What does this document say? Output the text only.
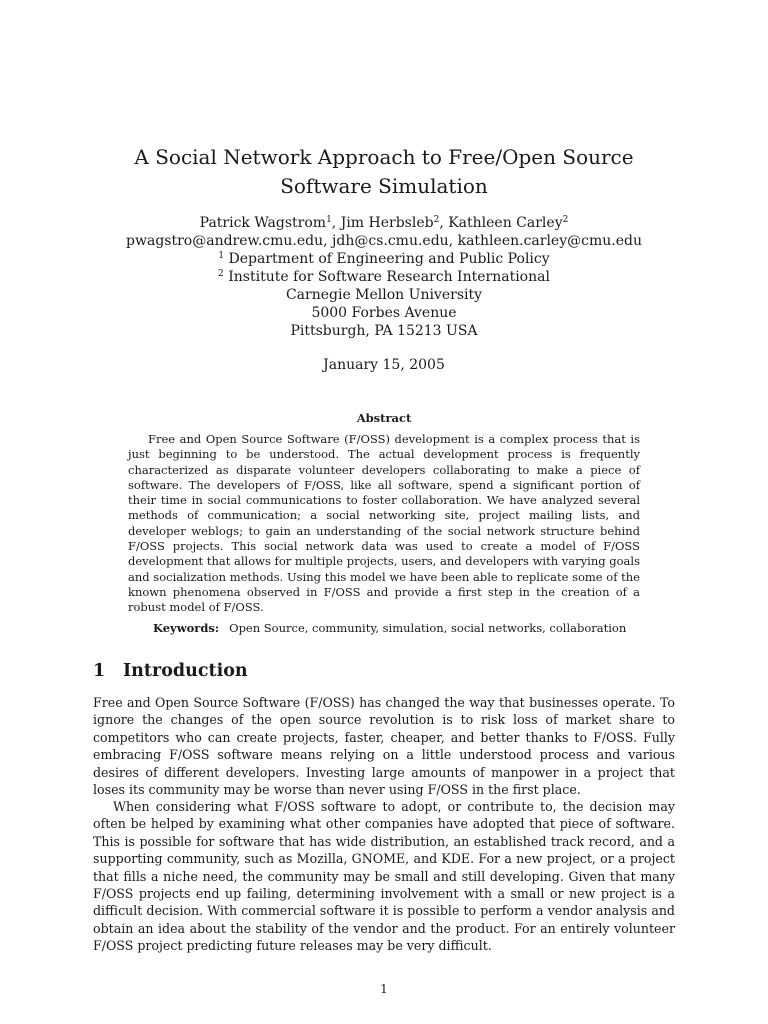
A Social Network Approach to Free/Open Source Software Simulation
Patrick Wagstrom$^1$, Jim Herbsleb$^2$, Kathleen Carley$^2$
pwagstro@andrew.cmu.edu, jdh@cs.cmu.edu, kathleen.carley@cmu.edu
$^1$ Department of Engineering and Public Policy
$^2$ Institute for Software Research International
Carnegie Mellon University
5000 Forbes Avenue
Pittsburgh, PA 15213 USA
January 15, 2005
Abstract

Free and Open Source Software (F/OSS) development is a complex process that is just beginning to be understood. The actual development process is frequently characterized as disparate volunteer developers collaborating to make a piece of software. The developers of F/OSS, like all software, spend a significant portion of their time in social communications to foster collaboration. We have analyzed several methods of communication; a social networking site, project mailing lists, and developer weblogs; to gain an understanding of the social network structure behind F/OSS projects. This social network data was used to create a model of F/OSS development that allows for multiple projects, users, and developers with varying goals and socialization methods. Using this model we have been able to replicate some of the known phenomena observed in F/OSS and provide a first step in the creation of a robust model of F/OSS.

Keywords: Open Source, community, simulation, social networks, collaboration
1 Introduction

Free and Open Source Software (F/OSS) has changed the way that businesses operate. To ignore the changes of the open source revolution is to risk loss of market share to competitors who can create projects, faster, cheaper, and better thanks to F/OSS. Fully embracing F/OSS software means relying on a little understood process and various desires of different developers. Investing large amounts of manpower in a project that loses its community may be worse than never using F/OSS in the first place.

When considering what F/OSS software to adopt, or contribute to, the decision may often be helped by examining what other companies have adopted that piece of software. This is possible for software that has wide distribution, an established track record, and a supporting community, such as Mozilla, GNOME, and KDE. For a new project, or a project that fills a niche need, the community may be small and still developing. Given that many F/OSS projects end up failing, determining involvement with a small or new project is a difficult decision. With commercial software it is possible to perform a vendor analysis and obtain an idea about the stability of the vendor and the product. For an entirely volunteer F/OSS project predicting future releases may be very difficult.

1
